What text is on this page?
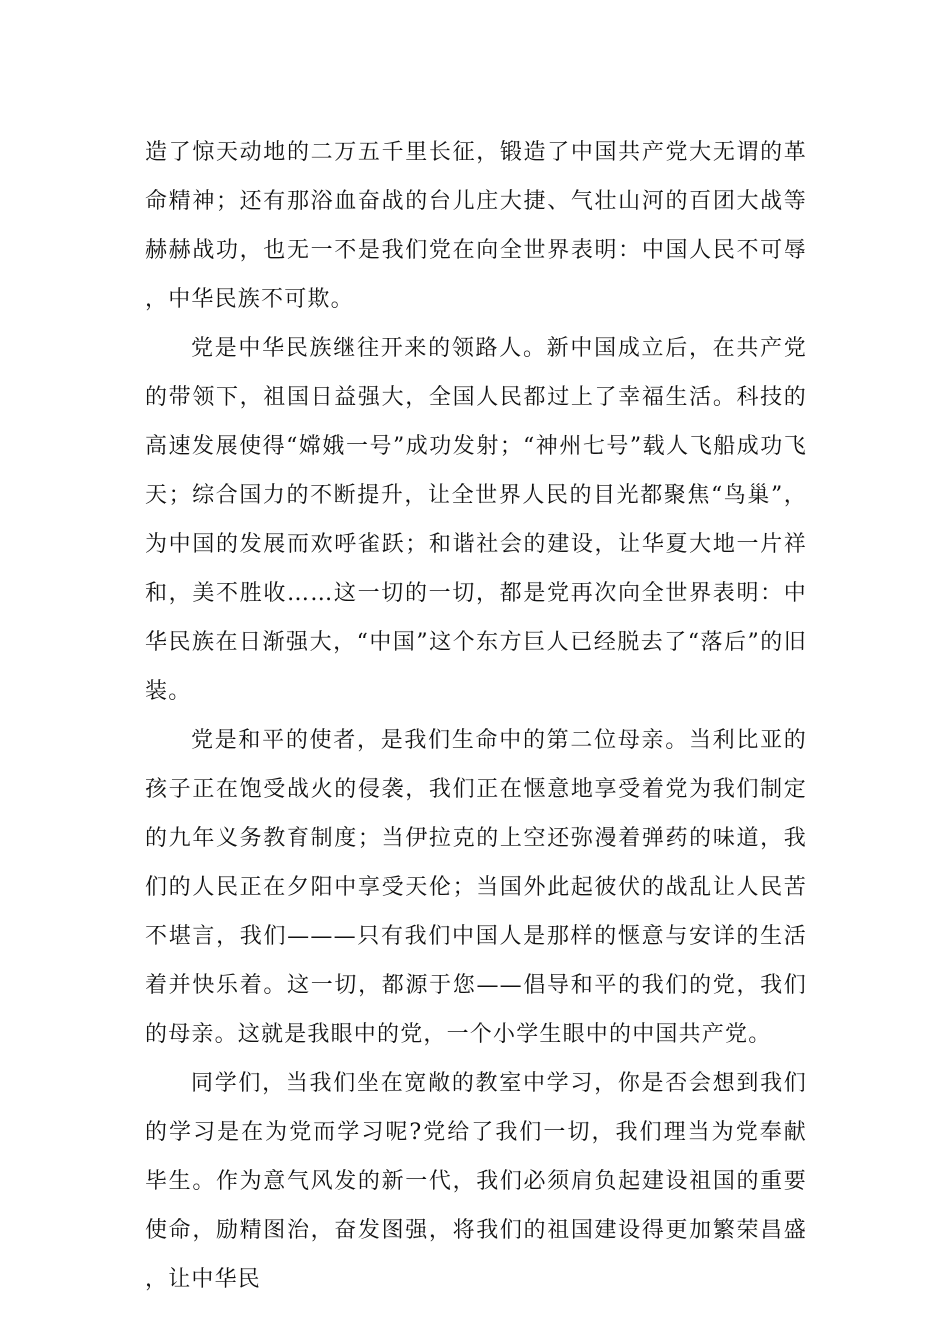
造了惊天动地的二万五千里长征，锻造了中国共产党大无谓的革命精神；还有那浴血奋战的台儿庄大捷、气壮山河的百团大战等赫赫战功，也无一不是我们党在向全世界表明：中国人民不可辱，中华民族不可欺。

党是中华民族继往开来的领路人。新中国成立后，在共产党的带领下，祖国日益强大，全国人民都过上了幸福生活。科技的高速发展使得“嫦娥一号”成功发射；“神州七号”载人飞船成功飞天；综合国力的不断提升，让全世界人民的目光都聚焦“鸟巢”，为中国的发展而欢呼雀跃；和谐社会的建设，让华夏大地一片祥和，美不胜收……这一切的一切，都是党再次向全世界表明：中华民族在日渐强大，“中国”这个东方巨人已经脱去了“落后”的旧装。

党是和平的使者，是我们生命中的第二位母亲。当利比亚的孩子正在饱受战火的侵袭，我们正在惬意地享受着党为我们制定的九年义务教育制度；当伊拉克的上空还弥漫着弹药的味道，我们的人民正在夕阳中享受天伦；当国外此起彼伏的战乱让人民苦不堪言，我们———只有我们中国人是那样的惬意与安详的生活着并快乐着。这一切，都源于您——倡导和平的我们的党，我们的母亲。这就是我眼中的党，一个小学生眼中的中国共产党。

同学们，当我们坐在宽敞的教室中学习，你是否会想到我们的学习是在为党而学习呢?党给了我们一切，我们理当为党奉献毕生。作为意气风发的新一代，我们必须肩负起建设祖国的重要使命，励精图治，奋发图强，将我们的祖国建设得更加繁荣昌盛，让中华民
